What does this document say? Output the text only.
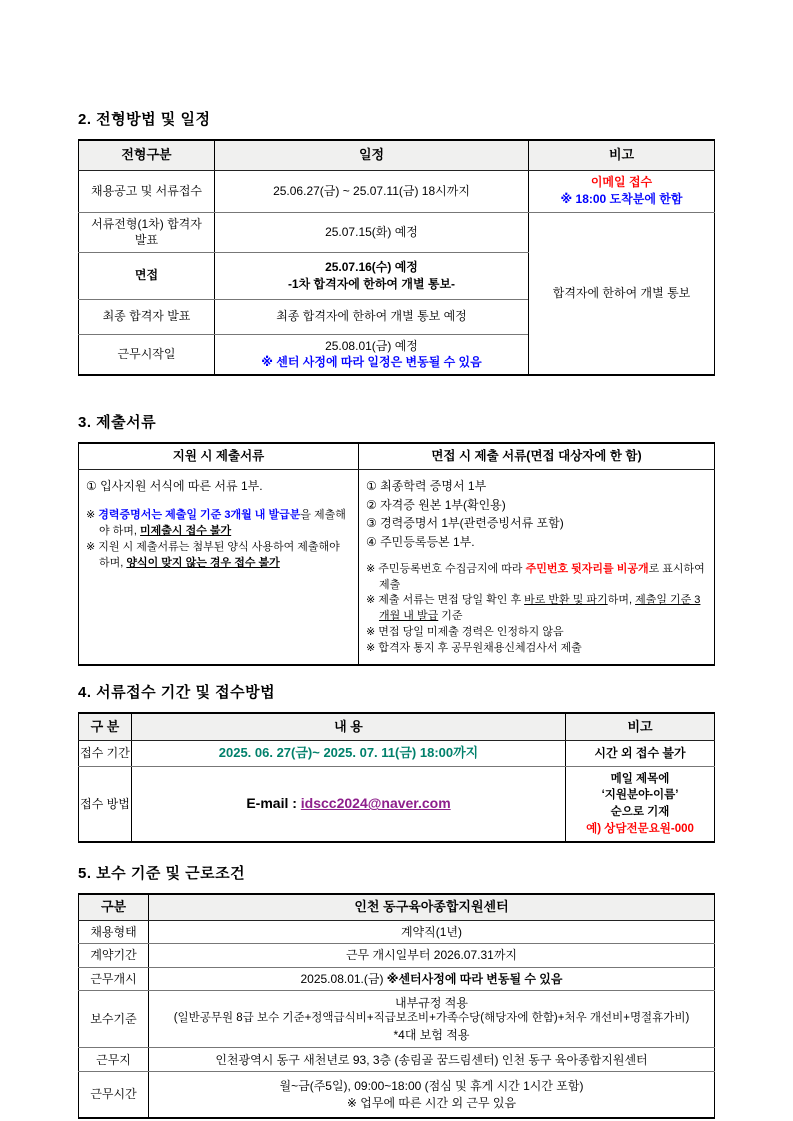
2. 전형방법 및 일정
전형구분	일정	비고
채용공고 및 서류접수	25.06.27(금) ~ 25.07.11(금) 18시까지	이메일 접수
※ 18:00 도착분에 한함

서류전형(1차) 합격자 발표	25.07.15(화) 예정	합격자에 한하여 개별 통보
면접	25.07.16(수) 예정
-1차 합격자에 한하여 개별 통보-	

최종 합격자 발표	최종 합격자에 한하여 개별 통보 예정	
근무시작일	25.08.01(금) 예정
※ 센터 사정에 따라 일정은 변동될 수 있음	
3. 제출서류
지원 시 제출서류	면접 시 제출 서류(면접 대상자에 한 함)

① 입사지원 서식에 따른 서류 1부.
※ 경력증명서는 제출일 기준 3개월 내 발급분을 제출해야 하며, 미제출시 접수 불가
※ 지원 시 제출서류는 첨부된 양식 사용하여 제출해야 하며, 양식이 맞지 않는 경우 접수 불가

① 최종학력 증명서 1부
② 자격증 원본 1부(확인용)
③ 경력증명서 1부(관련증빙서류 포함)
④ 주민등록등본 1부.
※ 주민등록번호 수집금지에 따라 주민번호 뒷자리를 비공개로 표시하여 제출
※ 제출 서류는 면접 당일 확인 후 바로 반환 및 파기하며, 제출일 기준 3개월 내 발급 기준
※ 면접 당일 미제출 경력은 인정하지 않음
※ 합격자 통지 후 공무원채용신체검사서 제출
4. 서류접수 기간 및 접수방법
구 분	내 용	비고
접수 기간	2025. 06. 27(금)~ 2025. 07. 11(금) 18:00까지	시간 외 접수 불가
접수 방법	E-mail : idscc2024@naver.com	메일 제목에
‘지원분야-이름’
순으로 기재
예) 상담전문요원-000
5. 보수 기준 및 근로조건
구분	인천 동구육아종합지원센터
채용형태	계약직(1년)
계약기간	근무 개시일부터 2026.07.31까지
근무개시	2025.08.01.(금) ※센터사정에 따라 변동될 수 있음
보수기준	내부규정 적용
(일반공무원 8급 보수 기준+정액급식비+직급보조비+가족수당(해당자에 한함)+처우 개선비+명절휴가비)
*4대 보험 적용

근무지	인천광역시 동구 새천년로 93, 3층 (송림골 꿈드림센터) 인천 동구 육아종합지원센터
근무시간	월~금(주5일), 09:00~18:00 (점심 및 휴게 시간 1시간 포함)
※ 업무에 따른 시간 외 근무 있음
